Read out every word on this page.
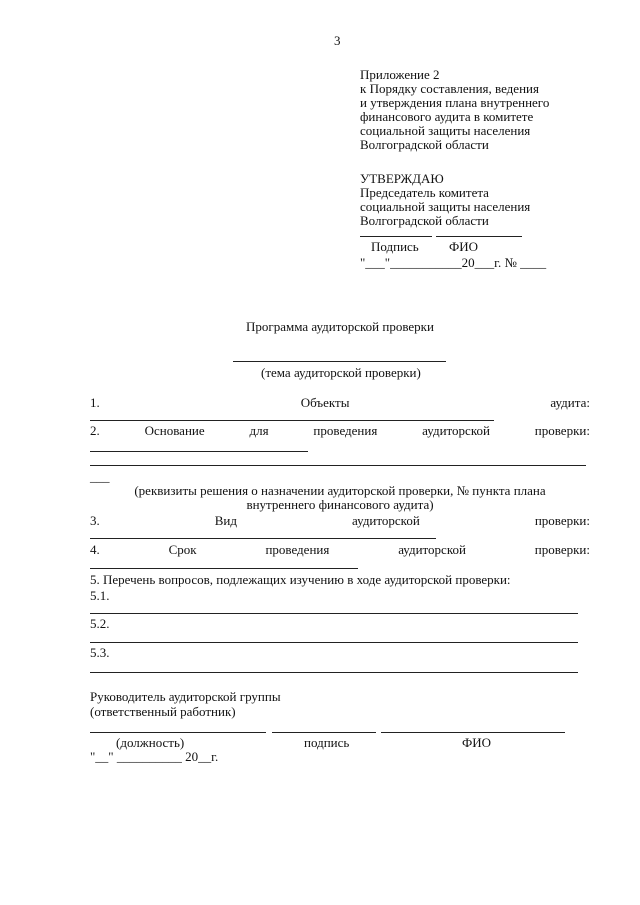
3
Приложение 2
к Порядку составления, ведения
и утверждения плана внутреннего
финансового аудита в комитете
социальной защиты населения
Волгоградской области
УТВЕРЖДАЮ
Председатель комитета
социальной защиты населения
Волгоградской области
Подпись ФИО
"___"___________20___г. № ____
Программа аудиторской проверки
(тема аудиторской проверки)
1.	Объекты	аудита:
2.	Основание	для	проведения	аудиторской	проверки:
___
(реквизиты решения о назначении аудиторской проверки, № пункта плана
внутреннего финансового аудита)
3.	Вид	аудиторской	проверки:
4.	Срок	проведения	аудиторской	проверки:
5. Перечень вопросов, подлежащих изучению в ходе аудиторской проверки:
5.1.
5.2.
5.3.
Руководитель аудиторской группы
(ответственный работник)
(должность)	подпись	ФИО
"__" __________ 20__г.
